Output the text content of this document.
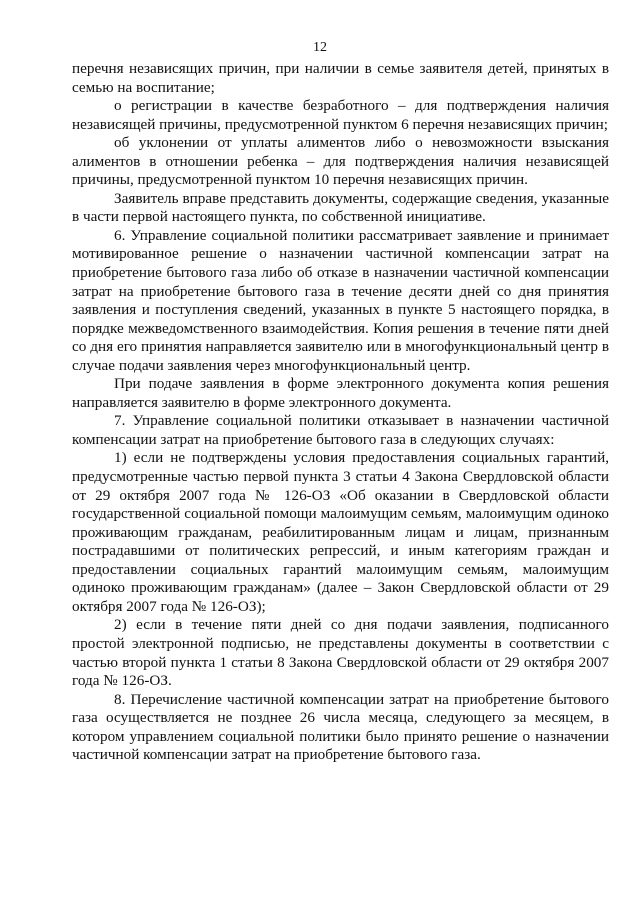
12

перечня независящих причин, при наличии в семье заявителя детей, принятых в семью на воспитание;

о регистрации в качестве безработного – для подтверждения наличия независящей причины, предусмотренной пунктом 6 перечня независящих причин;

об уклонении от уплаты алиментов либо о невозможности взыскания алиментов в отношении ребенка – для подтверждения наличия независящей причины, предусмотренной пунктом 10 перечня независящих причин.

Заявитель вправе представить документы, содержащие сведения, указанные в части первой настоящего пункта, по собственной инициативе.

6. Управление социальной политики рассматривает заявление и принимает мотивированное решение о назначении частичной компенсации затрат на приобретение бытового газа либо об отказе в назначении частичной компенсации затрат на приобретение бытового газа в течение десяти дней со дня принятия заявления и поступления сведений, указанных в пункте 5 настоящего порядка, в порядке межведомственного взаимодействия. Копия решения в течение пяти дней со дня его принятия направляется заявителю или в многофункциональный центр в случае подачи заявления через многофункциональный центр.

При подаче заявления в форме электронного документа копия решения направляется заявителю в форме электронного документа.

7. Управление социальной политики отказывает в назначении частичной компенсации затрат на приобретение бытового газа в следующих случаях:

1) если не подтверждены условия предоставления социальных гарантий, предусмотренные частью первой пункта 3 статьи 4 Закона Свердловской области от 29 октября 2007 года № 126-ОЗ «Об оказании в Свердловской области государственной социальной помощи малоимущим семьям, малоимущим одиноко проживающим гражданам, реабилитированным лицам и лицам, признанным пострадавшими от политических репрессий, и иным категориям граждан и предоставлении социальных гарантий малоимущим семьям, малоимущим одиноко проживающим гражданам» (далее – Закон Свердловской области от 29 октября 2007 года № 126-ОЗ);

2) если в течение пяти дней со дня подачи заявления, подписанного простой электронной подписью, не представлены документы в соответствии с частью второй пункта 1 статьи 8 Закона Свердловской области от 29 октября 2007 года № 126-ОЗ.

8. Перечисление частичной компенсации затрат на приобретение бытового газа осуществляется не позднее 26 числа месяца, следующего за месяцем, в котором управлением социальной политики было принято решение о назначении частичной компенсации затрат на приобретение бытового газа.
